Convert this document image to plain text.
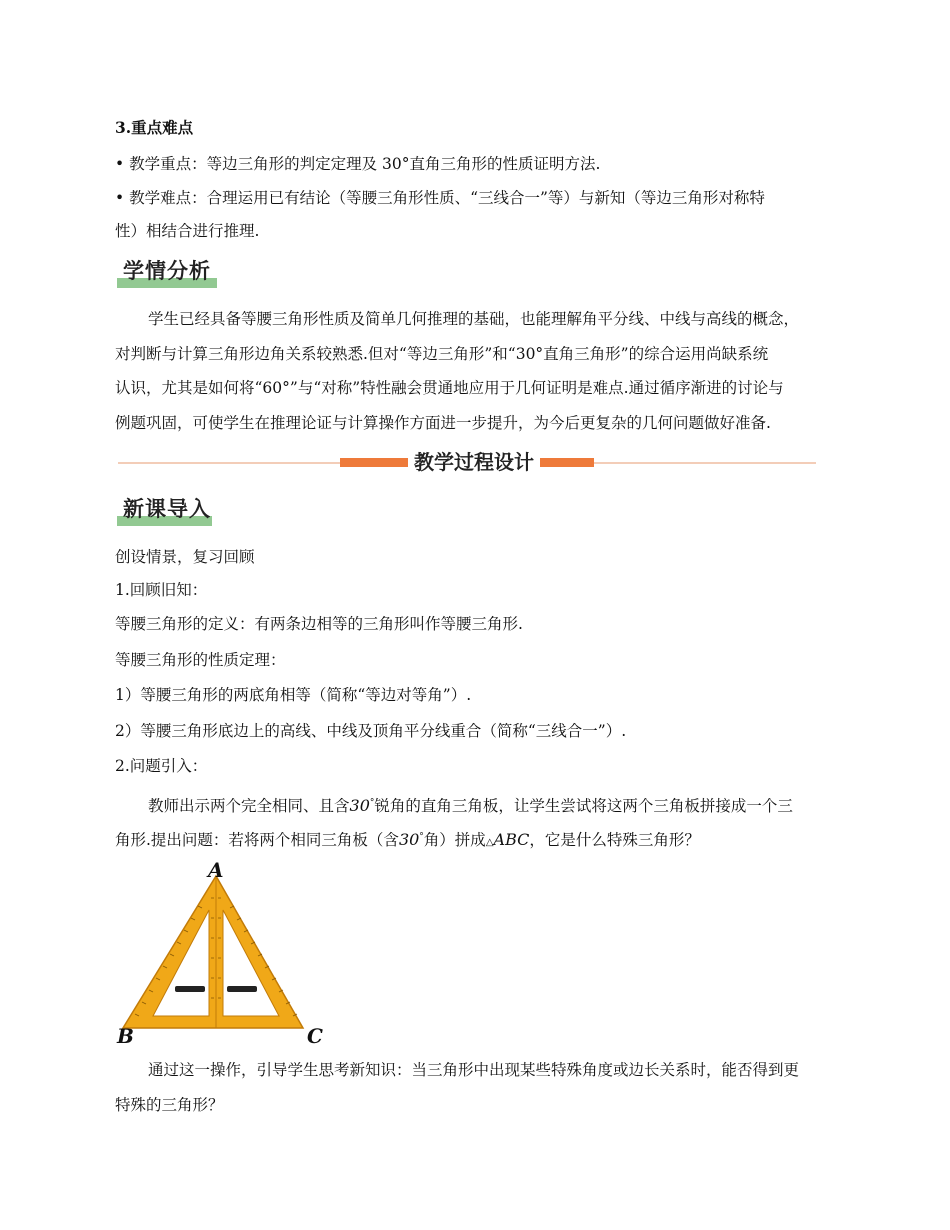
3.重点难点
• 教学重点：等边三角形的判定定理及 30°直角三角形的性质证明方法.
• 教学难点：合理运用已有结论（等腰三角形性质、“三线合一”等）与新知（等边三角形对称特
性）相结合进行推理.
学情分析
学生已经具备等腰三角形性质及简单几何推理的基础，也能理解角平分线、中线与高线的概念，
对判断与计算三角形边角关系较熟悉.但对“等边三角形”和“30°直角三角形”的综合运用尚缺系统
认识，尤其是如何将“60°”与“对称”特性融会贯通地应用于几何证明是难点.通过循序渐进的讨论与
例题巩固，可使学生在推理论证与计算操作方面进一步提升，为今后更复杂的几何问题做好准备.
教学过程设计
新课导入
创设情景，复习回顾
1.回顾旧知：
等腰三角形的定义：有两条边相等的三角形叫作等腰三角形.
等腰三角形的性质定理：
1）等腰三角形的两底角相等（简称“等边对等角”）.
2）等腰三角形底边上的高线、中线及顶角平分线重合（简称“三线合一”）.
2.问题引入：
教师出示两个完全相同、且含30°锐角的直角三角板，让学生尝试将这两个三角板拼接成一个三
角形.提出问题：若将两个相同三角板（含30°角）拼成△ABC，它是什么特殊三角形？
A
B	C
通过这一操作，引导学生思考新知识：当三角形中出现某些特殊角度或边长关系时，能否得到更
特殊的三角形？
